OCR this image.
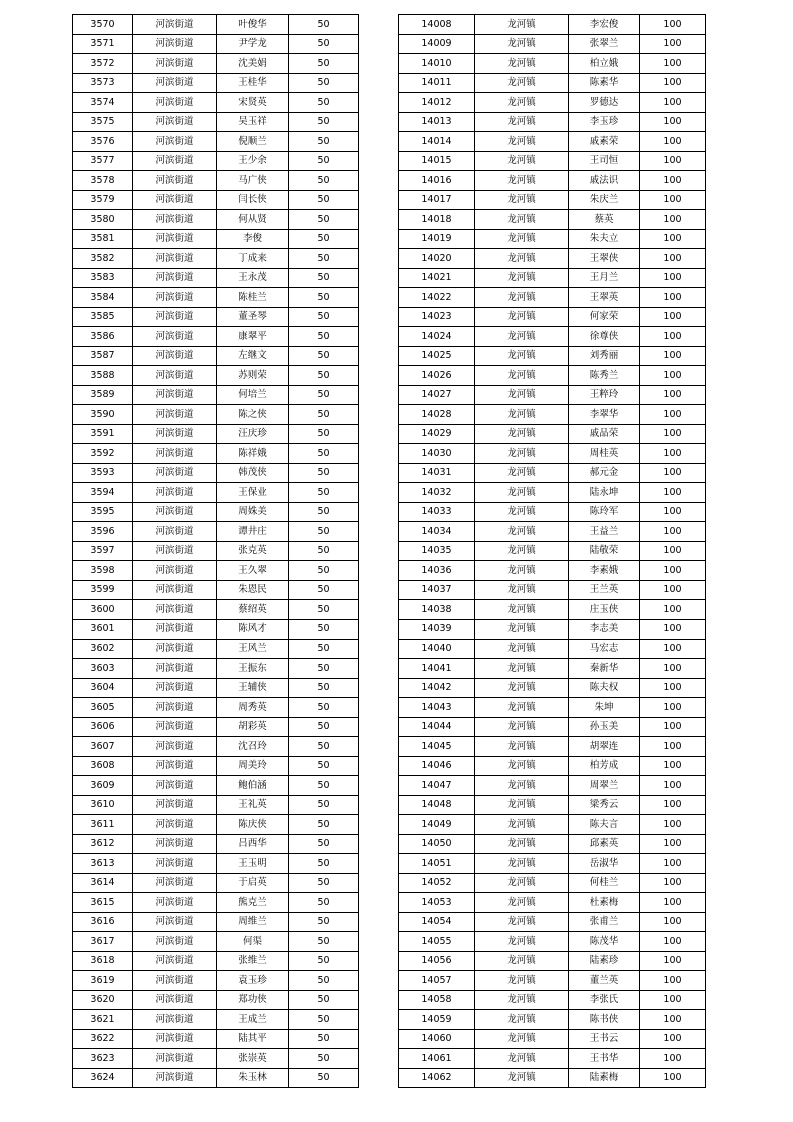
3570	河滨街道	叶俊华	50
3571	河滨街道	尹学龙	50
3572	河滨街道	沈美娟	50
3573	河滨街道	王桂华	50
3574	河滨街道	宋贤英	50
3575	河滨街道	吴玉祥	50
3576	河滨街道	倪顺兰	50
3577	河滨街道	王少余	50
3578	河滨街道	马广侠	50
3579	河滨街道	闫长侠	50
3580	河滨街道	何从贤	50
3581	河滨街道	李俊	50
3582	河滨街道	丁成来	50
3583	河滨街道	王永茂	50
3584	河滨街道	陈桂兰	50
3585	河滨街道	董圣琴	50
3586	河滨街道	康翠平	50
3587	河滨街道	左继文	50
3588	河滨街道	苏则荣	50
3589	河滨街道	何培兰	50
3590	河滨街道	陈之侠	50
3591	河滨街道	汪庆珍	50
3592	河滨街道	陈祥娥	50
3593	河滨街道	韩茂侠	50
3594	河滨街道	王保业	50
3595	河滨街道	周姝美	50
3596	河滨街道	谭井庄	50
3597	河滨街道	张克英	50
3598	河滨街道	王久翠	50
3599	河滨街道	朱恩民	50
3600	河滨街道	蔡绍英	50
3601	河滨街道	陈风才	50
3602	河滨街道	王风兰	50
3603	河滨街道	王振东	50
3604	河滨街道	王辅侠	50
3605	河滨街道	周秀英	50
3606	河滨街道	胡彩英	50
3607	河滨街道	沈召玲	50
3608	河滨街道	周美玲	50
3609	河滨街道	鲍伯涵	50
3610	河滨街道	王礼英	50
3611	河滨街道	陈庆侠	50
3612	河滨街道	吕西华	50
3613	河滨街道	王玉明	50
3614	河滨街道	于启英	50
3615	河滨街道	熊克兰	50
3616	河滨街道	周维兰	50
3617	河滨街道	何渠	50
3618	河滨街道	张维兰	50
3619	河滨街道	袁玉珍	50
3620	河滨街道	郑功侠	50
3621	河滨街道	王成兰	50
3622	河滨街道	陆其平	50
3623	河滨街道	张崇英	50
3624	河滨街道	朱玉林	50
14008	龙河镇	李宏俊	100
14009	龙河镇	张翠兰	100
14010	龙河镇	柏立娥	100
14011	龙河镇	陈素华	100
14012	龙河镇	罗德达	100
14013	龙河镇	李玉珍	100
14014	龙河镇	戚素荣	100
14015	龙河镇	王司恒	100
14016	龙河镇	戚法识	100
14017	龙河镇	朱庆兰	100
14018	龙河镇	蔡英	100
14019	龙河镇	朱夫立	100
14020	龙河镇	王翠侠	100
14021	龙河镇	王月兰	100
14022	龙河镇	王翠英	100
14023	龙河镇	何家荣	100
14024	龙河镇	徐尊侠	100
14025	龙河镇	刘秀丽	100
14026	龙河镇	陈秀兰	100
14027	龙河镇	王粹玲	100
14028	龙河镇	李翠华	100
14029	龙河镇	戚品荣	100
14030	龙河镇	周桂英	100
14031	龙河镇	郝元金	100
14032	龙河镇	陆永坤	100
14033	龙河镇	陈玲军	100
14034	龙河镇	王益兰	100
14035	龙河镇	陆敬荣	100
14036	龙河镇	李素娥	100
14037	龙河镇	王兰英	100
14038	龙河镇	庄玉侠	100
14039	龙河镇	李志美	100
14040	龙河镇	马宏志	100
14041	龙河镇	秦新华	100
14042	龙河镇	陈夫权	100
14043	龙河镇	朱坤	100
14044	龙河镇	孙玉美	100
14045	龙河镇	胡翠连	100
14046	龙河镇	柏芳成	100
14047	龙河镇	周翠兰	100
14048	龙河镇	梁秀云	100
14049	龙河镇	陈夫言	100
14050	龙河镇	邱素英	100
14051	龙河镇	岳淑华	100
14052	龙河镇	何桂兰	100
14053	龙河镇	杜素梅	100
14054	龙河镇	张甫兰	100
14055	龙河镇	陈茂华	100
14056	龙河镇	陆素珍	100
14057	龙河镇	董兰英	100
14058	龙河镇	李张氏	100
14059	龙河镇	陈书侠	100
14060	龙河镇	王书云	100
14061	龙河镇	王书华	100
14062	龙河镇	陆素梅	100
